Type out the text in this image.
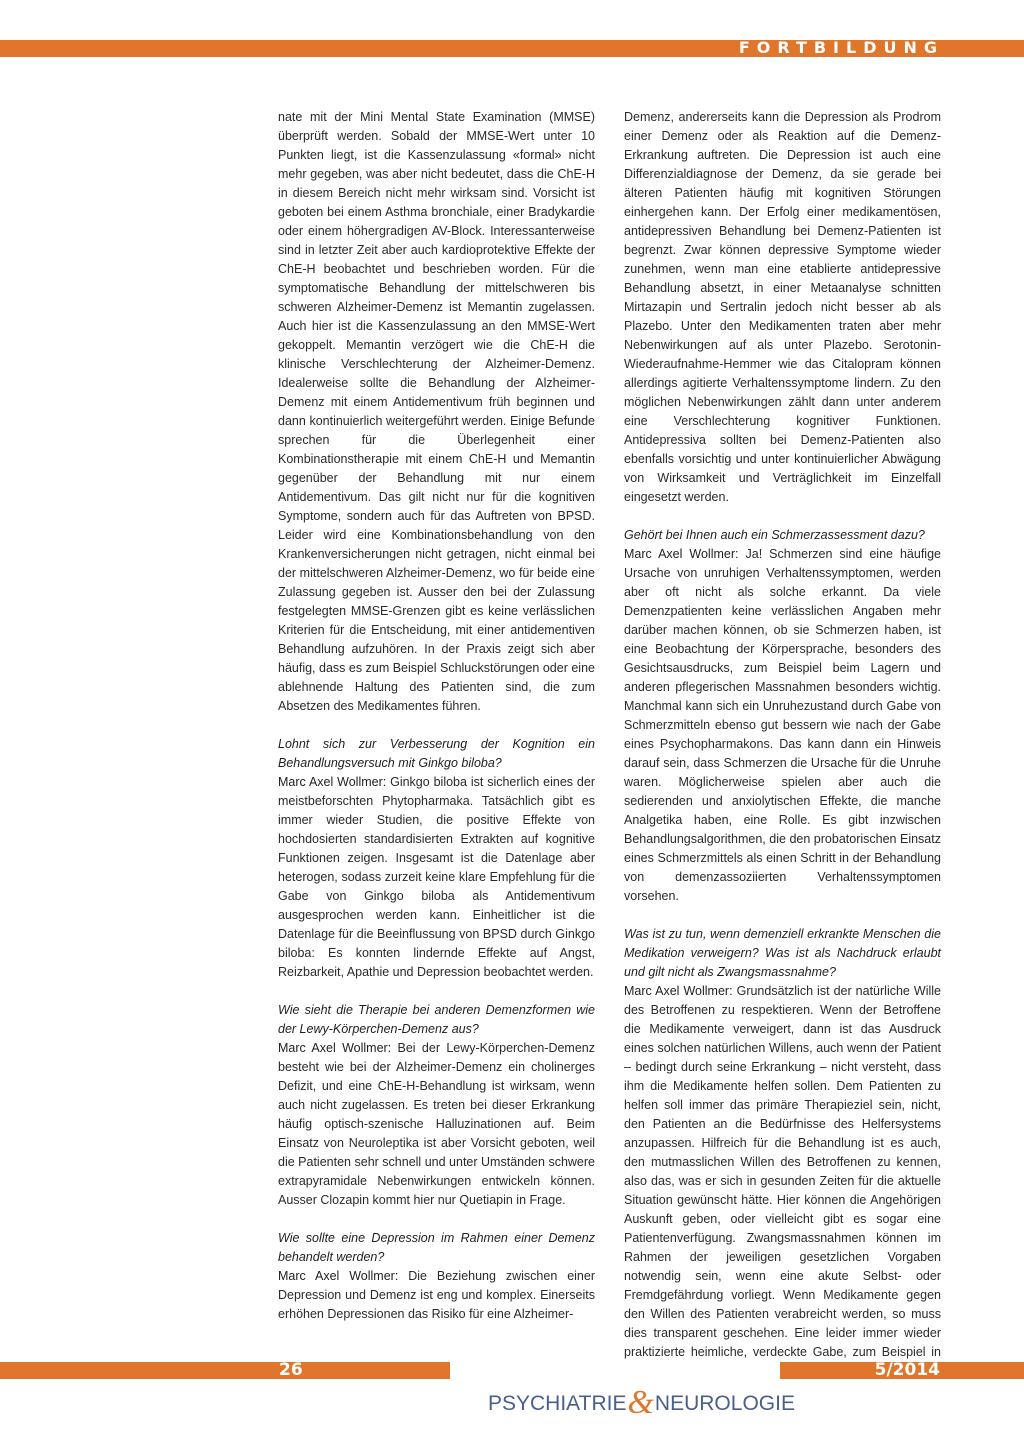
FORTBILDUNG

nate mit der Mini Mental State Examination (MMSE) überprüft werden. Sobald der MMSE-Wert unter 10 Punkten liegt, ist die Kassenzulassung «formal» nicht mehr gegeben, was aber nicht bedeutet, dass die ChE-H in diesem Bereich nicht mehr wirksam sind. Vorsicht ist geboten bei einem Asthma bronchiale, einer Bradykardie oder einem höhergradigen AV-Block. Interessanterweise sind in letzter Zeit aber auch kardioprotektive Effekte der ChE-H beobachtet und beschrieben worden. Für die symptomatische Behandlung der mittelschweren bis schweren Alzheimer-Demenz ist Memantin zugelassen. Auch hier ist die Kassenzulassung an den MMSE-Wert gekoppelt. Memantin verzögert wie die ChE-H die klinische Verschlechterung der Alzheimer-Demenz. Idealerweise sollte die Behandlung der Alzheimer-Demenz mit einem Antidementivum früh beginnen und dann kontinuierlich weitergeführt werden. Einige Befunde sprechen für die Überlegenheit einer Kombinationstherapie mit einem ChE-H und Memantin gegenüber der Behandlung mit nur einem Antidementivum. Das gilt nicht nur für die kognitiven Symptome, sondern auch für das Auftreten von BPSD. Leider wird eine Kombinationsbehandlung von den Krankenversicherungen nicht getragen, nicht einmal bei der mittelschweren Alzheimer-Demenz, wo für beide eine Zulassung gegeben ist. Ausser den bei der Zulassung festgelegten MMSE-Grenzen gibt es keine verlässlichen Kriterien für die Entscheidung, mit einer antidementiven Behandlung aufzuhören. In der Praxis zeigt sich aber häufig, dass es zum Beispiel Schluckstörungen oder eine ablehnende Haltung des Patienten sind, die zum Absetzen des Medikamentes führen.

Lohnt sich zur Verbesserung der Kognition ein Behandlungsversuch mit Ginkgo biloba?

Marc Axel Wollmer: Ginkgo biloba ist sicherlich eines der meistbeforschten Phytopharmaka. Tatsächlich gibt es immer wieder Studien, die positive Effekte von hochdosierten standardisierten Extrakten auf kognitive Funktionen zeigen. Insgesamt ist die Datenlage aber heterogen, sodass zurzeit keine klare Empfehlung für die Gabe von Ginkgo biloba als Antidementivum ausgesprochen werden kann. Einheitlicher ist die Datenlage für die Beeinflussung von BPSD durch Ginkgo biloba: Es konnten lindernde Effekte auf Angst, Reizbarkeit, Apathie und Depression beobachtet werden.

Wie sieht die Therapie bei anderen Demenzformen wie der Lewy-Körperchen-Demenz aus?

Marc Axel Wollmer: Bei der Lewy-Körperchen-Demenz besteht wie bei der Alzheimer-Demenz ein cholinerges Defizit, und eine ChE-H-Behandlung ist wirksam, wenn auch nicht zugelassen. Es treten bei dieser Erkrankung häufig optisch-szenische Halluzinationen auf. Beim Einsatz von Neuroleptika ist aber Vorsicht geboten, weil die Patienten sehr schnell und unter Umständen schwere extrapyramidale Nebenwirkungen entwickeln können. Ausser Clozapin kommt hier nur Quetiapin in Frage.

Wie sollte eine Depression im Rahmen einer Demenz behandelt werden?

Marc Axel Wollmer: Die Beziehung zwischen einer Depression und Demenz ist eng und komplex. Einerseits erhöhen Depressionen das Risiko für eine Alzheimer-

Demenz, andererseits kann die Depression als Prodrom einer Demenz oder als Reaktion auf die Demenz-Erkrankung auftreten. Die Depression ist auch eine Differenzialdiagnose der Demenz, da sie gerade bei älteren Patienten häufig mit kognitiven Störungen einhergehen kann. Der Erfolg einer medikamentösen, antidepressiven Behandlung bei Demenz-Patienten ist begrenzt. Zwar können depressive Symptome wieder zunehmen, wenn man eine etablierte antidepressive Behandlung absetzt, in einer Metaanalyse schnitten Mirtazapin und Sertralin jedoch nicht besser ab als Plazebo. Unter den Medikamenten traten aber mehr Nebenwirkungen auf als unter Plazebo. Serotonin-Wiederaufnahme-Hemmer wie das Citalopram können allerdings agitierte Verhaltenssymptome lindern. Zu den möglichen Nebenwirkungen zählt dann unter anderem eine Verschlechterung kognitiver Funktionen. Antidepressiva sollten bei Demenz-Patienten also ebenfalls vorsichtig und unter kontinuierlicher Abwägung von Wirksamkeit und Verträglichkeit im Einzelfall eingesetzt werden.

Gehört bei Ihnen auch ein Schmerzassessment dazu?

Marc Axel Wollmer: Ja! Schmerzen sind eine häufige Ursache von unruhigen Verhaltenssymptomen, werden aber oft nicht als solche erkannt. Da viele Demenzpatienten keine verlässlichen Angaben mehr darüber machen können, ob sie Schmerzen haben, ist eine Beobachtung der Körpersprache, besonders des Gesichtsausdrucks, zum Beispiel beim Lagern und anderen pflegerischen Massnahmen besonders wichtig. Manchmal kann sich ein Unruhezustand durch Gabe von Schmerzmitteln ebenso gut bessern wie nach der Gabe eines Psychopharmakons. Das kann dann ein Hinweis darauf sein, dass Schmerzen die Ursache für die Unruhe waren. Möglicherweise spielen aber auch die sedierenden und anxiolytischen Effekte, die manche Analgetika haben, eine Rolle. Es gibt inzwischen Behandlungsalgorithmen, die den probatorischen Einsatz eines Schmerzmittels als einen Schritt in der Behandlung von demenzassoziierten Verhaltenssymptomen vorsehen.

Was ist zu tun, wenn demenziell erkrankte Menschen die Medikation verweigern? Was ist als Nachdruck erlaubt und gilt nicht als Zwangsmassnahme?

Marc Axel Wollmer: Grundsätzlich ist der natürliche Wille des Betroffenen zu respektieren. Wenn der Betroffene die Medikamente verweigert, dann ist das Ausdruck eines solchen natürlichen Willens, auch wenn der Patient – bedingt durch seine Erkrankung – nicht versteht, dass ihm die Medikamente helfen sollen. Dem Patienten zu helfen soll immer das primäre Therapieziel sein, nicht, den Patienten an die Bedürfnisse des Helfersystems anzupassen. Hilfreich für die Behandlung ist es auch, den mutmasslichen Willen des Betroffenen zu kennen, also das, was er sich in gesunden Zeiten für die aktuelle Situation gewünscht hätte. Hier können die Angehörigen Auskunft geben, oder vielleicht gibt es sogar eine Patientenverfügung. Zwangsmassnahmen können im Rahmen der jeweiligen gesetzlichen Vorgaben notwendig sein, wenn eine akute Selbst- oder Fremdgefährdung vorliegt. Wenn Medikamente gegen den Willen des Patienten verabreicht werden, so muss dies transparent geschehen. Eine leider immer wieder praktizierte heimliche, verdeckte Gabe, zum Beispiel in

26	5/2014
PSYCHIATRIE&NEUROLOGIE
